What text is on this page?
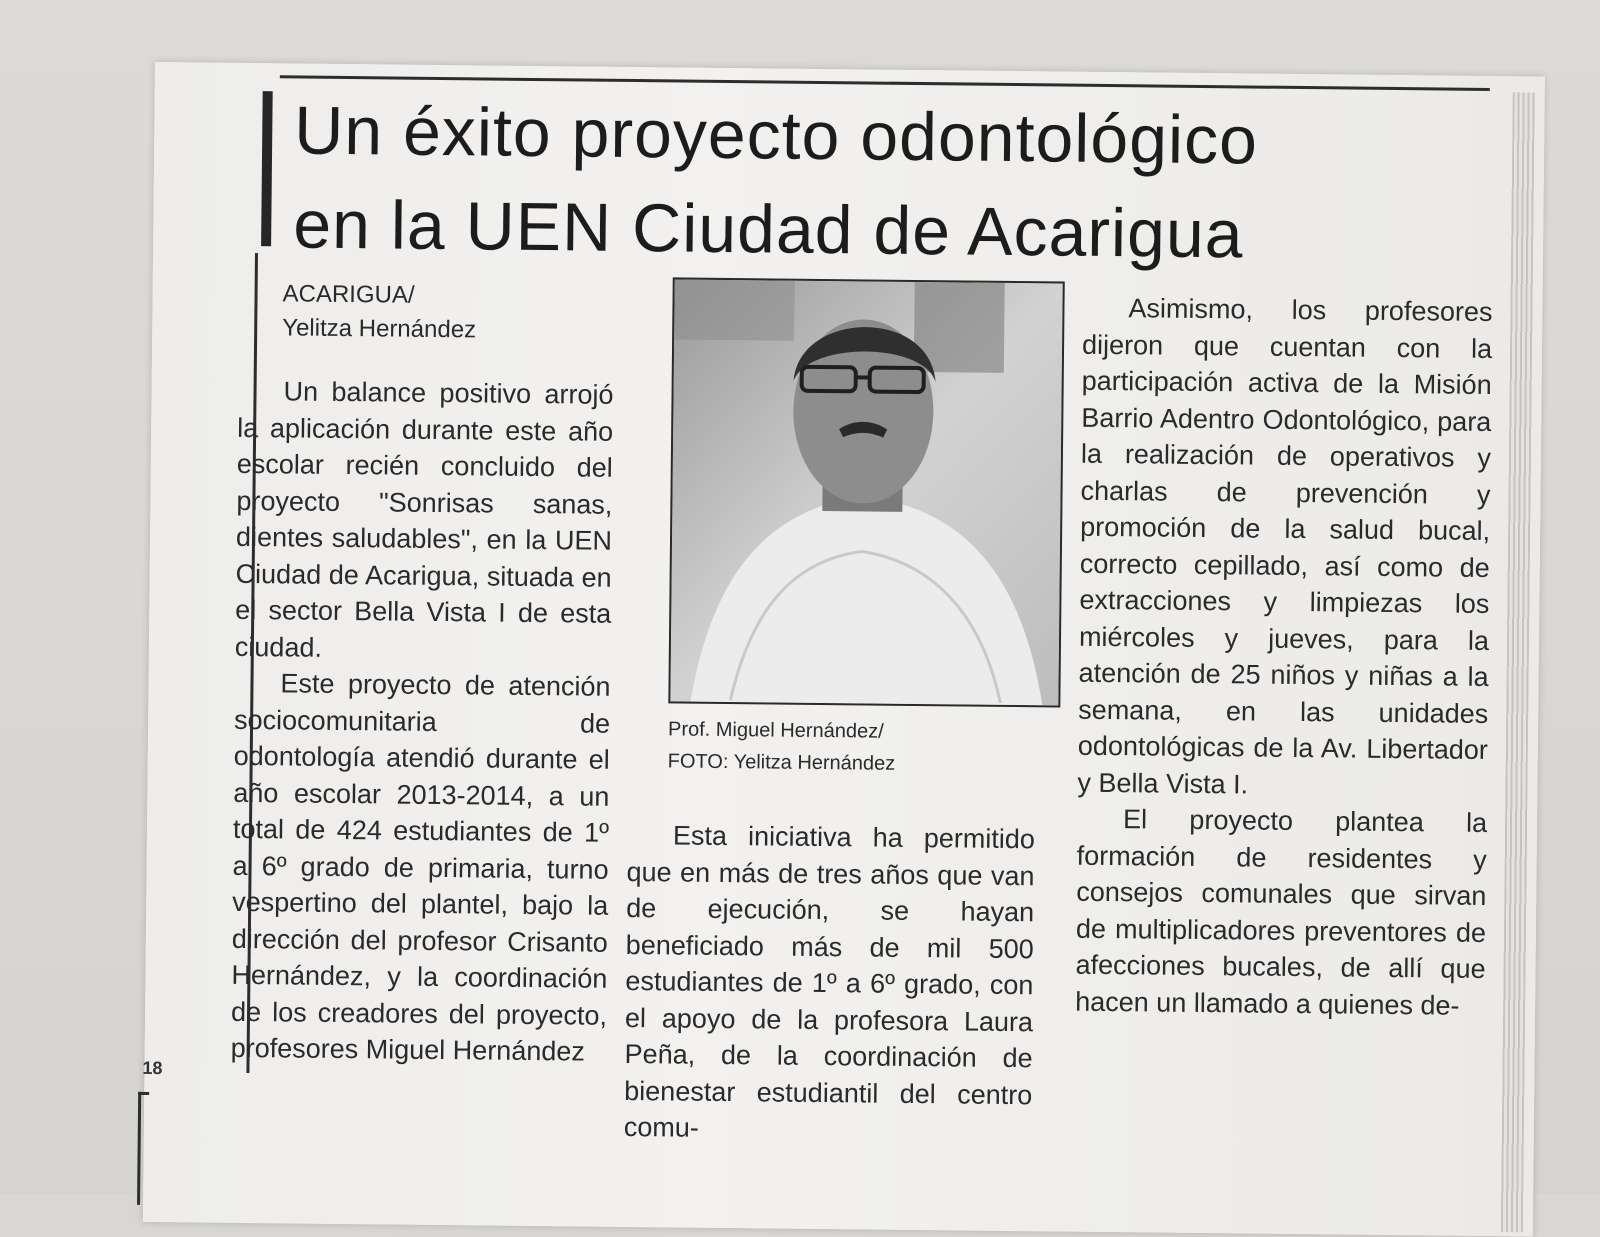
18
Un éxito proyecto odontológico
en la UEN Ciudad de Acarigua
ACARIGUA/
Yelitza Hernández
Prof. Miguel Hernández/
FOTO: Yelitza Hernández

Un balance positivo arrojó la aplicación durante este año escolar recién concluido del proyecto "Sonrisas sanas, dientes saludables", en la UEN Ciudad de Acarigua, situada en el sector Bella Vista I de esta ciudad.

Este proyecto de atención sociocomunitaria de odontología atendió durante el año escolar 2013-2014, a un total de 424 estudiantes de 1º a 6º grado de primaria, turno vespertino del plantel, bajo la dirección del profesor Crisanto Hernández, y la coordinación de los creadores del proyecto, profesores Miguel Hernández

Esta iniciativa ha permitido que en más de tres años que van de ejecución, se hayan beneficiado más de mil 500 estudiantes de 1º a 6º grado, con el apoyo de la profesora Laura Peña, de la coordinación de bienestar estudiantil del centro comu-

Asimismo, los profesores dijeron que cuentan con la participación activa de la Misión Barrio Adentro Odontológico, para la realización de operativos y charlas de prevención y promoción de la salud bucal, correcto cepillado, así como de extracciones y limpiezas los miércoles y jueves, para la atención de 25 niños y niñas a la semana, en las unidades odontológicas de la Av. Libertador y Bella Vista I.

El proyecto plantea la formación de residentes y consejos comunales que sirvan de multiplicadores preventores de afecciones bucales, de allí que hacen un llamado a quienes de-
